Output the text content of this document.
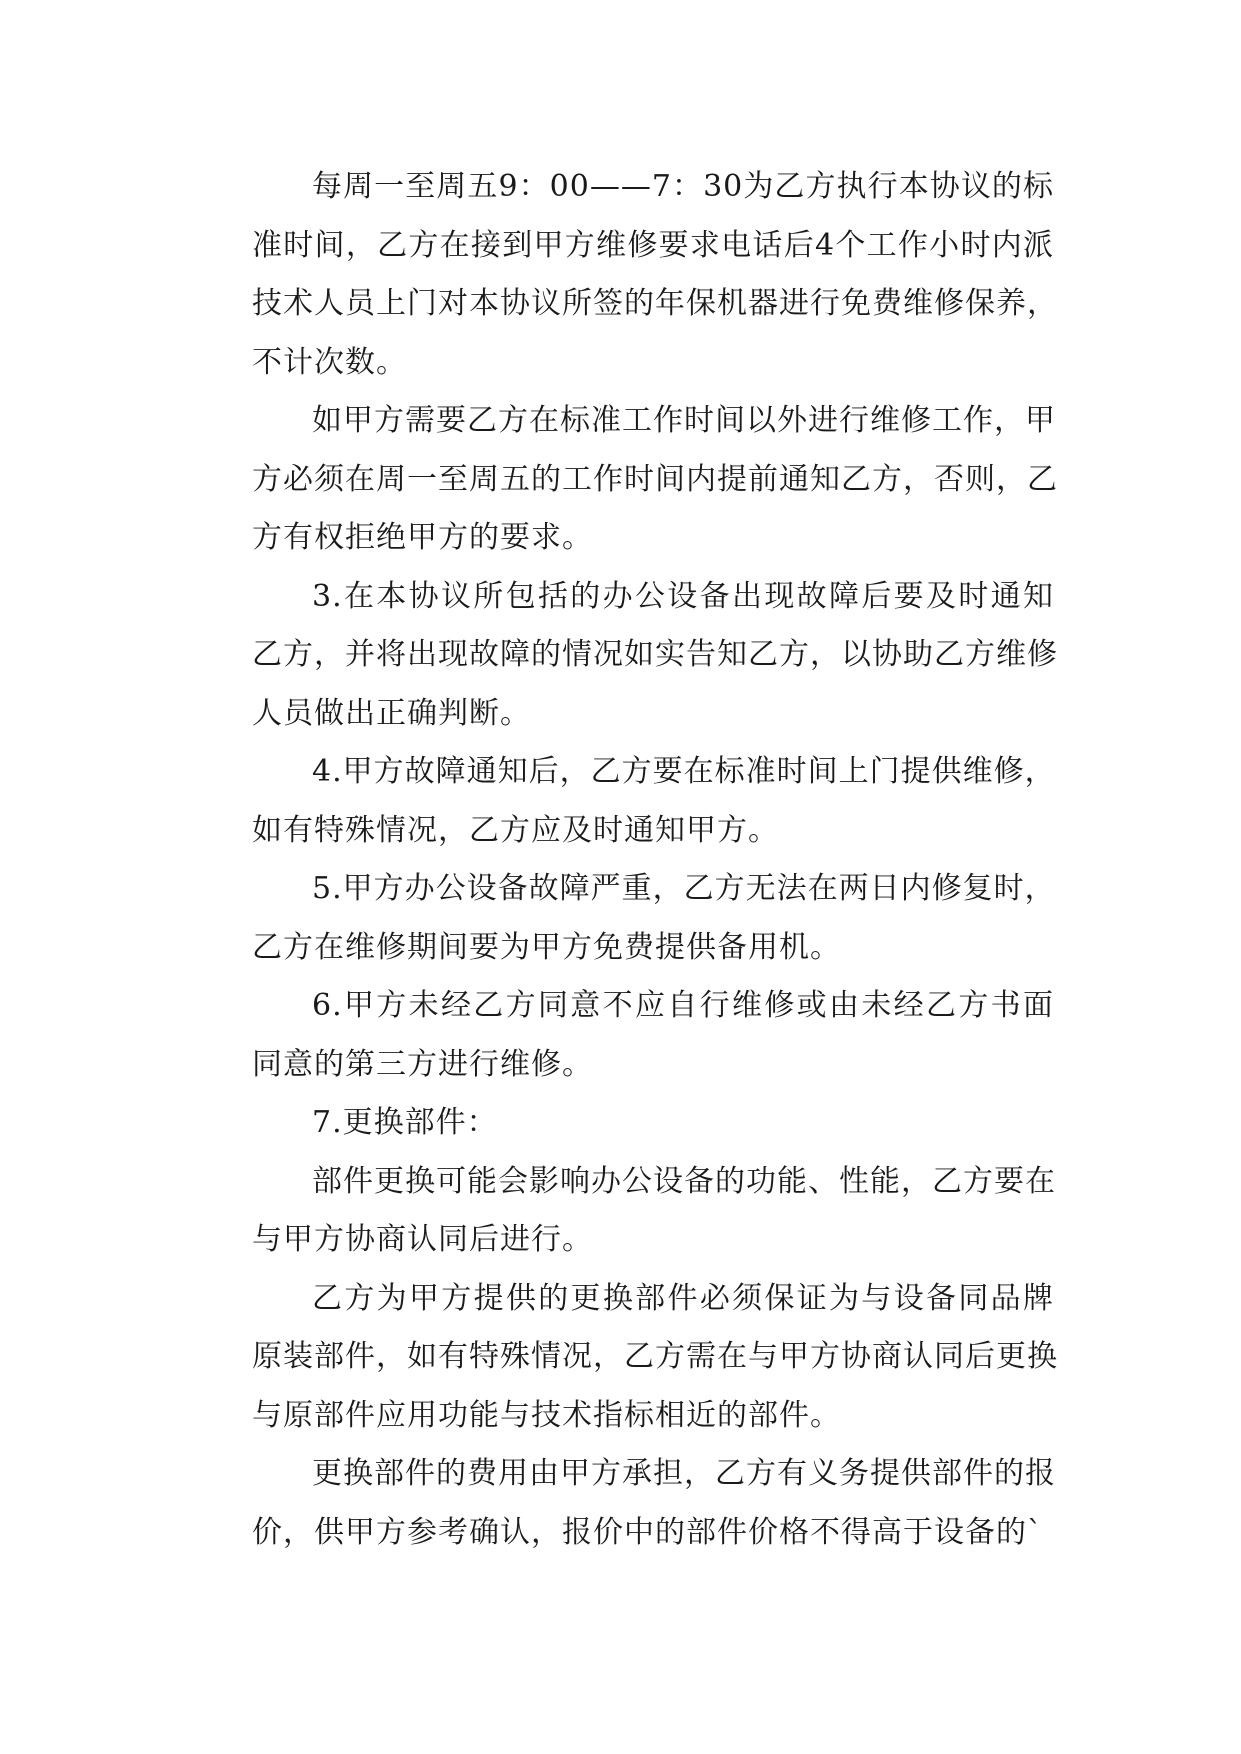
每周一至周五9：00——7：30为乙方执行本协议的标
准时间，乙方在接到甲方维修要求电话后4个工作小时内派
技术人员上门对本协议所签的年保机器进行免费维修保养，
不计次数。
如甲方需要乙方在标准工作时间以外进行维修工作，甲
方必须在周一至周五的工作时间内提前通知乙方，否则，乙
方有权拒绝甲方的要求。
3.在本协议所包括的办公设备出现故障后要及时通知
乙方，并将出现故障的情况如实告知乙方，以协助乙方维修
人员做出正确判断。
4.甲方故障通知后，乙方要在标准时间上门提供维修，
如有特殊情况，乙方应及时通知甲方。
5.甲方办公设备故障严重，乙方无法在两日内修复时，
乙方在维修期间要为甲方免费提供备用机。
6.甲方未经乙方同意不应自行维修或由未经乙方书面
同意的第三方进行维修。
7.更换部件：
部件更换可能会影响办公设备的功能、性能，乙方要在
与甲方协商认同后进行。
乙方为甲方提供的更换部件必须保证为与设备同品牌
原装部件，如有特殊情况，乙方需在与甲方协商认同后更换
与原部件应用功能与技术指标相近的部件。
更换部件的费用由甲方承担，乙方有义务提供部件的报
价，供甲方参考确认，报价中的部件价格不得高于设备的`
